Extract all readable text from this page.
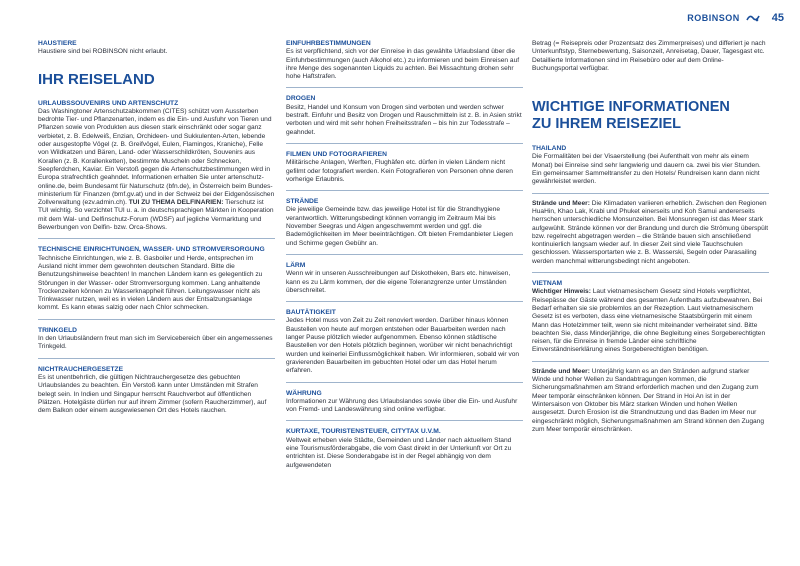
ROBINSON	45
HAUSTIERE

Haustiere sind bei ROBINSON nicht erlaubt.

IHR REISELAND
URLAUBSSOUVENIRS UND ARTENSCHUTZ

Das Washingtoner Artenschutzabkommen (CITES) schützt vom Aussterben bedrohte Tier- und Pflanzenarten, indem es die Ein- und Ausfuhr von Tieren und Pflanzen sowie von Produkten aus diesen stark einschränkt oder sogar ganz verbietet, z. B. Edelweiß, Enzian, Orchideen- und Sukkulenten-Arten, lebende oder ausgestopfte Vögel (z. B. Greifvögel, Eulen, Flamingos, Kraniche), Felle von Wildkatzen und Bären, Land- oder Wasserschildkröten, Souvenirs aus Korallen (z. B. Korallenketten), bestimmte Muscheln oder Schnecken, Seepferdchen, Kaviar. Ein Verstoß gegen die Artenschutzbestimmungen wird in Europa strafrechtlich geahndet. Informationen erhalten Sie unter artenschutz-online.de, beim Bundesamt für Naturschutz (bfn.de), in Österreich beim Bundesministerium für Finanzen (bmf.gv.at) und in der Schweiz bei der Eidgenössischen Zollverwaltung (ezv.admin.ch). TUI ZU THEMA DELFINARIEN: Tierschutz ist TUI wichtig. So verzichtet TUI u. a. in deutschsprachigen Märkten in Kooperation mit dem Wal- und Delfinschutz-Forum (WDSF) auf jegliche Vermarktung und Bewerbungen von Delfin- bzw. Orca-Shows.

TECHNISCHE EINRICHTUNGEN, WASSER- UND STROMVERSORGUNG

Technische Einrichtungen, wie z. B. Gasboiler und Herde, entsprechen im Ausland nicht immer dem gewohnten deutschen Standard. Bitte die Benutzungshinweise beachten! In manchen Ländern kann es gelegentlich zu Störungen in der Wasser- oder Stromversorgung kommen. Lang anhaltende Trockenzeiten können zu Wasserknappheit führen. Leitungswasser nicht als Trinkwasser nutzen, weil es in vielen Ländern aus der Entsalzungsanlage kommt. Es kann etwas salzig oder nach Chlor schmecken.

TRINKGELD

In den Urlaubsländern freut man sich im Servicebereich über ein angemessenes Trinkgeld.

NICHTRAUCHERGESETZE

Es ist unentbehrlich, die gültigen Nichtrauchergesetze des gebuchten Urlaubslandes zu beachten. Ein Verstoß kann unter Umständen mit Strafen belegt sein. In Indien und Singapur herrscht Rauchverbot auf öffentlichen Plätzen. Hotelgäste dürfen nur auf ihrem Zimmer (sofern Raucherzimmer), auf dem Balkon oder einem ausgewiesenen Ort des Hotels rauchen.

EINFUHRBESTIMMUNGEN

Es ist verpflichtend, sich vor der Einreise in das gewählte Urlaubsland über die Einfuhrbestimmungen (auch Alkohol etc.) zu informieren und beim Einreisen auf ihre Menge des sogenannten Liquids zu achten. Bei Missachtung drohen sehr hohe Haftstrafen.

DROGEN

Besitz, Handel und Konsum von Drogen sind verboten und werden schwer bestraft. Einfuhr und Besitz von Drogen und Rauschmitteln ist z. B. in Asien strikt verboten und wird mit sehr hohen Freiheitsstrafen – bis hin zur Todesstrafe – geahndet.

FILMEN UND FOTOGRAFIEREN

Militärische Anlagen, Werften, Flughäfen etc. dürfen in vielen Ländern nicht gefilmt oder fotografiert werden. Kein Fotografieren von Personen ohne deren vorherige Erlaubnis.

STRÄNDE

Die jeweilige Gemeinde bzw. das jeweilige Hotel ist für die Strandhygiene verantwortlich. Witterungsbedingt können vorrangig im Zeitraum Mai bis November Seegras und Algen angeschwemmt werden und ggf. die Bademöglichkeiten im Meer beeinträchtigen. Oft bieten Fremdanbieter Liegen und Schirme gegen Gebühr an.

LÄRM

Wenn wir in unseren Ausschreibungen auf Diskotheken, Bars etc. hinweisen, kann es zu Lärm kommen, der die eigene Toleranzgrenze unter Umständen überschreitet.

BAUTÄTIGKEIT

Jedes Hotel muss von Zeit zu Zeit renoviert werden. Darüber hinaus können Baustellen von heute auf morgen entstehen oder Bauarbeiten werden nach langer Pause plötzlich wieder aufgenommen. Ebenso können städtische Baustellen vor den Hotels plötzlich beginnen, worüber wir nicht benachrichtigt wurden und keinerlei Einflussmöglichkeit haben. Wir informieren, sobald wir von gravierenden Bauarbeiten im gebuchten Hotel oder um das Hotel herum erfahren.

WÄHRUNG

Informationen zur Währung des Urlaubslandes sowie über die Ein- und Ausfuhr von Fremd- und Landeswährung sind online verfügbar.

KURTAXE, TOURISTENSTEUER, CITYTAX U.V.M.

Weltweit erheben viele Städte, Gemeinden und Länder nach aktuellem Stand eine Tourismusförderabgabe, die vom Gast direkt in der Unterkunft vor Ort zu entrichten ist. Diese Sonderabgabe ist in der Regel abhängig von dem aufgewendeten

Betrag (= Reisepreis oder Prozentsatz des Zimmerpreises) und differiert je nach Unterkunftstyp, Sternebewertung, Saisonzeit, Anreisetag, Dauer, Tagesgast etc. Detaillierte Informationen sind im Reisebüro oder auf dem Online-Buchungsportal verfügbar.

WICHTIGE INFORMATIONEN
ZU IHREM REISEZIEL
THAILAND

Die Formalitäten bei der Visaerstellung (bei Aufenthalt von mehr als einem Monat) bei Einreise sind sehr langwierig und dauern ca. zwei bis vier Stunden. Ein gemeinsamer Sammeltransfer zu den Hotels/ Rundreisen kann dann nicht gewährleistet werden.

Strände und Meer: Die Klimadaten variieren erheblich. Zwischen den Regionen HuaHin, Khao Lak, Krabi und Phuket einerseits und Koh Samui andererseits herrschen unterschiedliche Monsunzeiten. Bei Monsunregen ist das Meer stark aufgewühlt. Strände können vor der Brandung und durch die Strömung überspült bzw. regelrecht abgetragen werden – die Strände bauen sich anschließend kontinuierlich langsam wieder auf. In dieser Zeit sind viele Tauchschulen geschlossen. Wassersportarten wie z. B. Wasserski, Segeln oder Parasailing werden manchmal witterungsbedingt nicht angeboten.

VIETNAM

Wichtiger Hinweis: Laut vietnamesischem Gesetz sind Hotels verpflichtet, Reisepässe der Gäste während des gesamten Aufenthalts aufzubewahren. Bei Bedarf erhalten sie sie problemlos an der Rezeption. Laut vietnamesischem Gesetz ist es verboten, dass eine vietnamesische Staatsbürgerin mit einem Mann das Hotelzimmer teilt, wenn sie nicht miteinander verheiratet sind. Bitte beachten Sie, dass Minderjährige, die ohne Begleitung eines Sorgeberechtigten reisen, für die Einreise in fremde Länder eine schriftliche Einverständniserklärung eines Sorgeberechtigten benötigen.

Strände und Meer: Unterjährig kann es an den Stränden aufgrund starker Winde und hoher Wellen zu Sandabtragungen kommen, die Sicherungsmaßnahmen am Strand erforderlich machen und den Zugang zum Meer temporär einschränken können. Der Strand in Hoi An ist in der Wintersaison von Oktober bis März starken Winden und hohen Wellen ausgesetzt. Durch Erosion ist die Strandnutzung und das Baden im Meer nur eingeschränkt möglich, Sicherungsmaßnahmen am Strand können den Zugang zum Meer temporär einschränken.
